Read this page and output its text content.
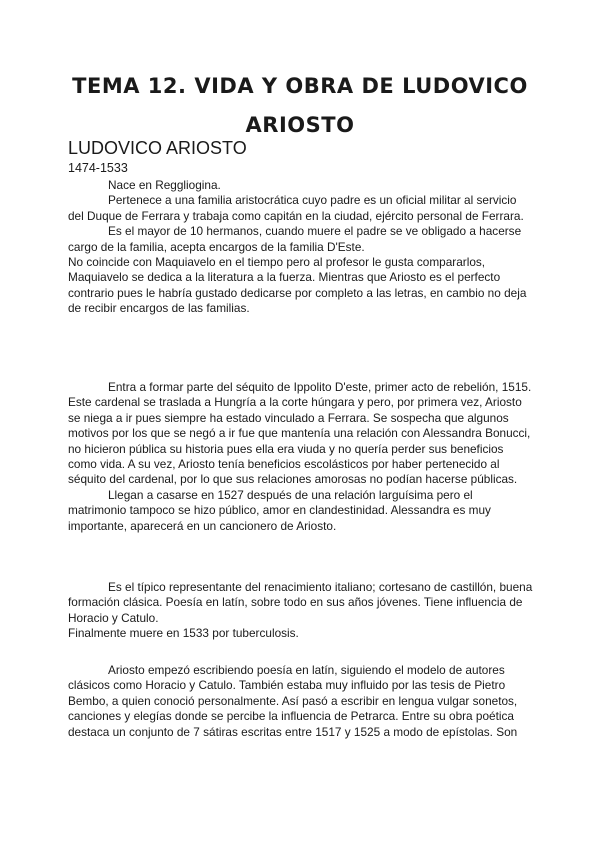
TEMA 12. VIDA Y OBRA DE LUDOVICO
ARIOSTO
LUDOVICO ARIOSTO
1474-1533

Nace en Reggliogina.

Pertenece a una familia aristocrática cuyo padre es un oficial militar al servicio del Duque de Ferrara y trabaja como capitán en la ciudad, ejército personal de Ferrara.

Es el mayor de 10 hermanos, cuando muere el padre se ve obligado a hacerse cargo de la familia, acepta encargos de la familia D'Este.

No coincide con Maquiavelo en el tiempo pero al profesor le gusta compararlos, Maquiavelo se dedica a la literatura a la fuerza. Mientras que Ariosto es el perfecto contrario pues le habría gustado dedicarse por completo a las letras, en cambio no deja de recibir encargos de las familias.

Entra a formar parte del séquito de Ippolito D'este, primer acto de rebelión, 1515. Este cardenal se traslada a Hungría a la corte húngara y pero, por primera vez, Ariosto se niega a ir pues siempre ha estado vinculado a Ferrara. Se sospecha que algunos motivos por los que se negó a ir fue que mantenía una relación con Alessandra Bonucci, no hicieron pública su historia pues ella era viuda y no quería perder sus beneficios como vida. A su vez, Ariosto tenía beneficios escolásticos por haber pertenecido al séquito del cardenal, por lo que sus relaciones amorosas no podían hacerse públicas.

Llegan a casarse en 1527 después de una relación larguísima pero el matrimonio tampoco se hizo público, amor en clandestinidad. Alessandra es muy importante, aparecerá en un cancionero de Ariosto.

Es el típico representante del renacimiento italiano; cortesano de castillón, buena formación clásica. Poesía en latín, sobre todo en sus años jóvenes. Tiene influencia de Horacio y Catulo.

Finalmente muere en 1533 por tuberculosis.

Ariosto empezó escribiendo poesía en latín, siguiendo el modelo de autores clásicos como Horacio y Catulo. También estaba muy influido por las tesis de Pietro Bembo, a quien conoció personalmente. Así pasó a escribir en lengua vulgar sonetos, canciones y elegías donde se percibe la influencia de Petrarca. Entre su obra poética destaca un conjunto de 7 sátiras escritas entre 1517 y 1525 a modo de epístolas. Son
